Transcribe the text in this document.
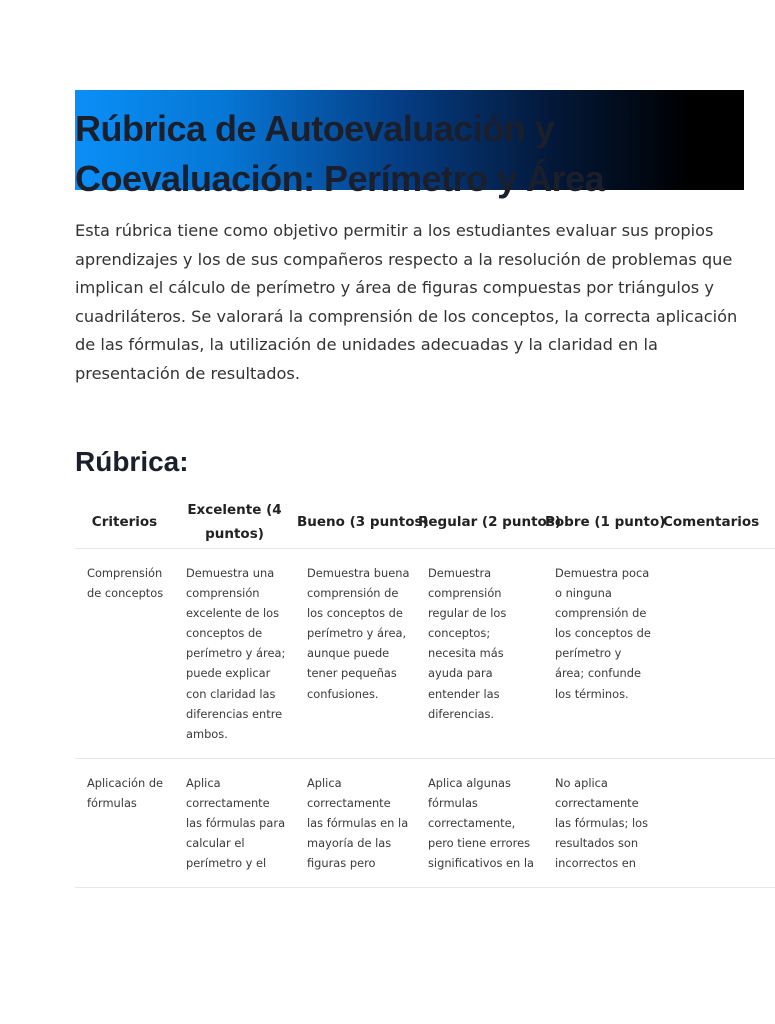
Rúbrica de Autoevaluación y
Coevaluación: Perímetro y Área

Esta rúbrica tiene como objetivo permitir a los estudiantes evaluar sus propios aprendizajes y los de sus compañeros respecto a la resolución de problemas que implican el cálculo de perímetro y área de figuras compuestas por triángulos y cuadriláteros. Se valorará la comprensión de los conceptos, la correcta aplicación de las fórmulas, la utilización de unidades adecuadas y la claridad en la presentación de resultados.

Rúbrica:
Criterios	Excelente (4 puntos)	Bueno (3 puntos)	Regular (2 puntos)	Pobre (1 punto)	Comentarios
Comprensión de conceptos	Demuestra una comprensión excelente de los conceptos de perímetro y área; puede explicar con claridad las diferencias entre ambos.	Demuestra buena comprensión de los conceptos de perímetro y área, aunque puede tener pequeñas confusiones.	Demuestra comprensión regular de los conceptos; necesita más ayuda para entender las diferencias.	Demuestra poca o ninguna comprensión de los conceptos de perímetro y área; confunde los términos.	
Aplicación de fórmulas	Aplica correctamente las fórmulas para calcular el perímetro y el	Aplica correctamente las fórmulas en la mayoría de las figuras pero	Aplica algunas fórmulas correctamente, pero tiene errores significativos en la	No aplica correctamente las fórmulas; los resultados son incorrectos en	
